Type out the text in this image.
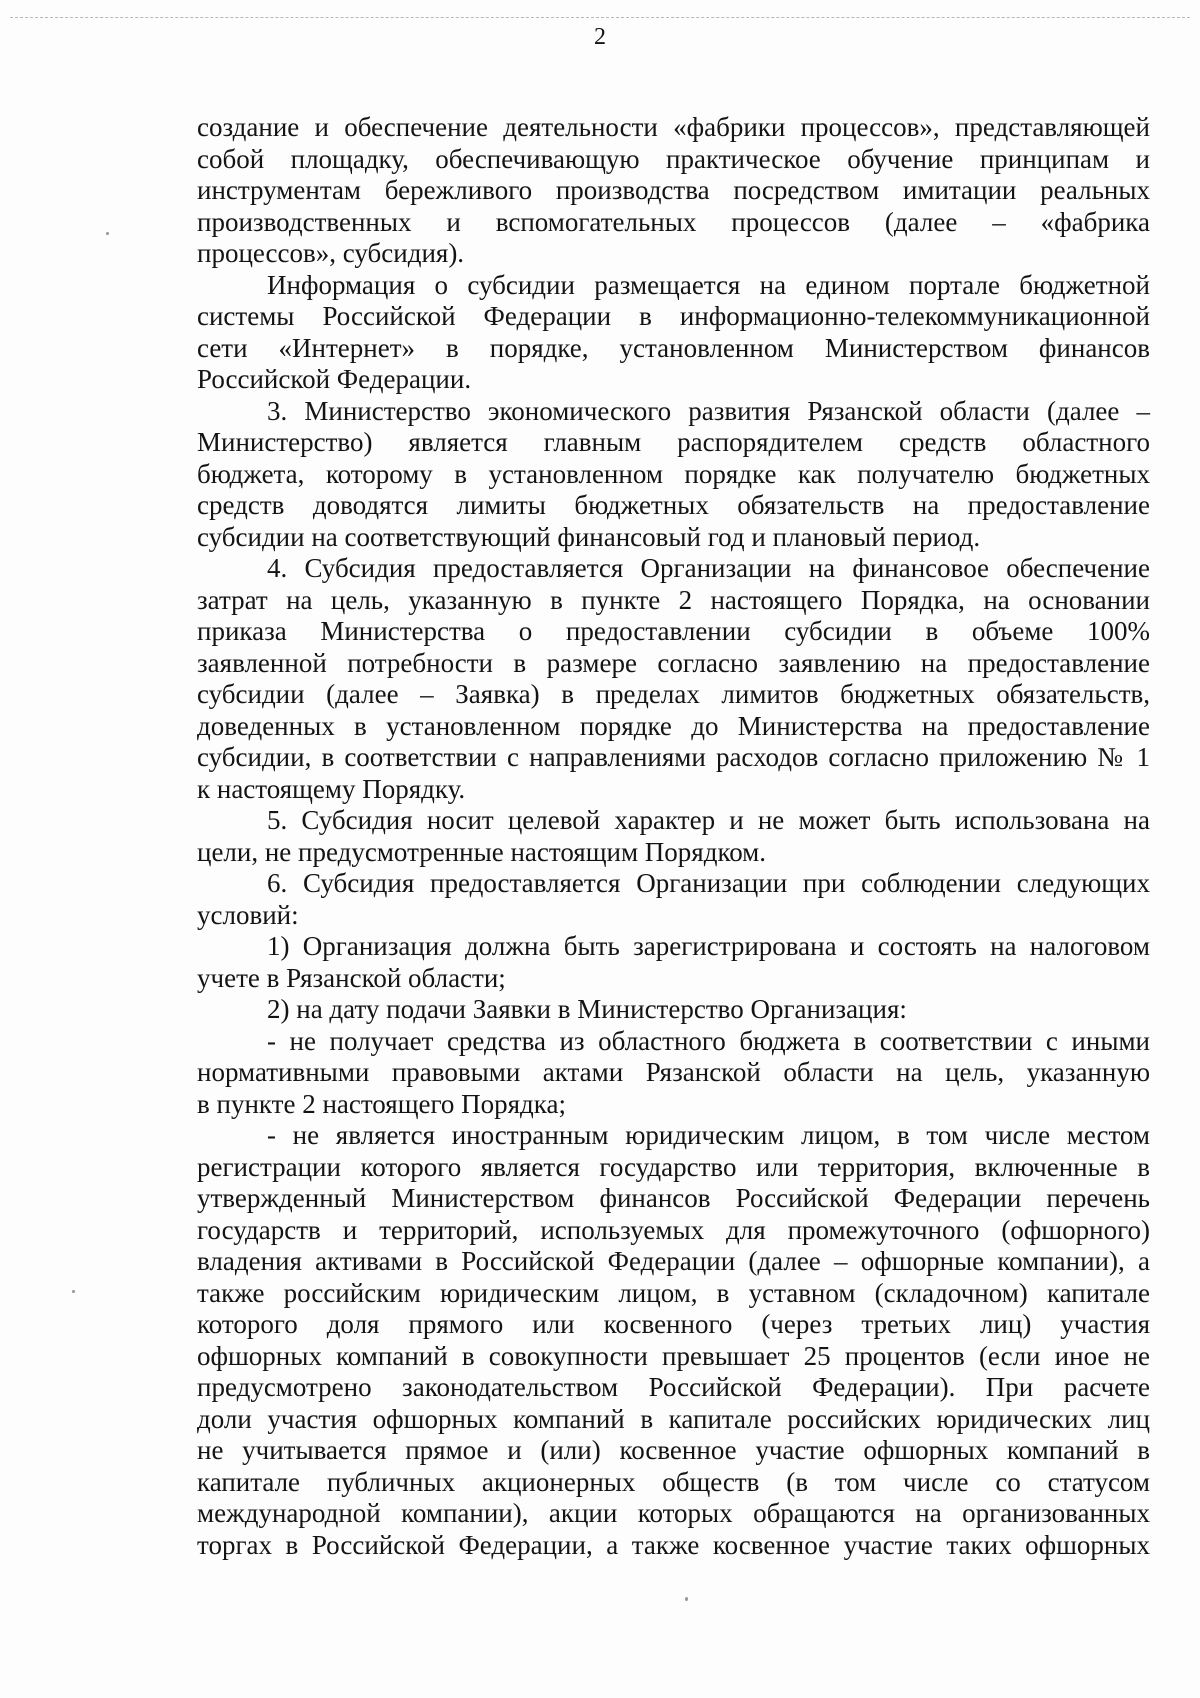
2
создание и обеспечение деятельности «фабрики процессов», представляющей
собой площадку, обеспечивающую практическое обучение принципам и
инструментам бережливого производства посредством имитации реальных
производственных и вспомогательных процессов (далее – «фабрика
процессов», субсидия).
Информация о субсидии размещается на едином портале бюджетной
системы Российской Федерации в информационно-телекоммуникационной
сети «Интернет» в порядке, установленном Министерством финансов
Российской Федерации.
3. Министерство экономического развития Рязанской области (далее –
Министерство) является главным распорядителем средств областного
бюджета, которому в установленном порядке как получателю бюджетных
средств доводятся лимиты бюджетных обязательств на предоставление
субсидии на соответствующий финансовый год и плановый период.
4. Субсидия предоставляется Организации на финансовое обеспечение
затрат на цель, указанную в пункте 2 настоящего Порядка, на основании
приказа Министерства о предоставлении субсидии в объеме 100%
заявленной потребности в размере согласно заявлению на предоставление
субсидии (далее – Заявка) в пределах лимитов бюджетных обязательств,
доведенных в установленном порядке до Министерства на предоставление
субсидии, в соответствии с направлениями расходов согласно приложению № 1
к настоящему Порядку.
5. Субсидия носит целевой характер и не может быть использована на
цели, не предусмотренные настоящим Порядком.
6. Субсидия предоставляется Организации при соблюдении следующих
условий:
1) Организация должна быть зарегистрирована и состоять на налоговом
учете в Рязанской области;
2) на дату подачи Заявки в Министерство Организация:
- не получает средства из областного бюджета в соответствии с иными
нормативными правовыми актами Рязанской области на цель, указанную
в пункте 2 настоящего Порядка;
- не является иностранным юридическим лицом, в том числе местом
регистрации которого является государство или территория, включенные в
утвержденный Министерством финансов Российской Федерации перечень
государств и территорий, используемых для промежуточного (офшорного)
владения активами в Российской Федерации (далее – офшорные компании), а
также российским юридическим лицом, в уставном (складочном) капитале
которого доля прямого или косвенного (через третьих лиц) участия
офшорных компаний в совокупности превышает 25 процентов (если иное не
предусмотрено законодательством Российской Федерации). При расчете
доли участия офшорных компаний в капитале российских юридических лиц
не учитывается прямое и (или) косвенное участие офшорных компаний в
капитале публичных акционерных обществ (в том числе со статусом
международной компании), акции которых обращаются на организованных
торгах в Российской Федерации, а также косвенное участие таких офшорных
